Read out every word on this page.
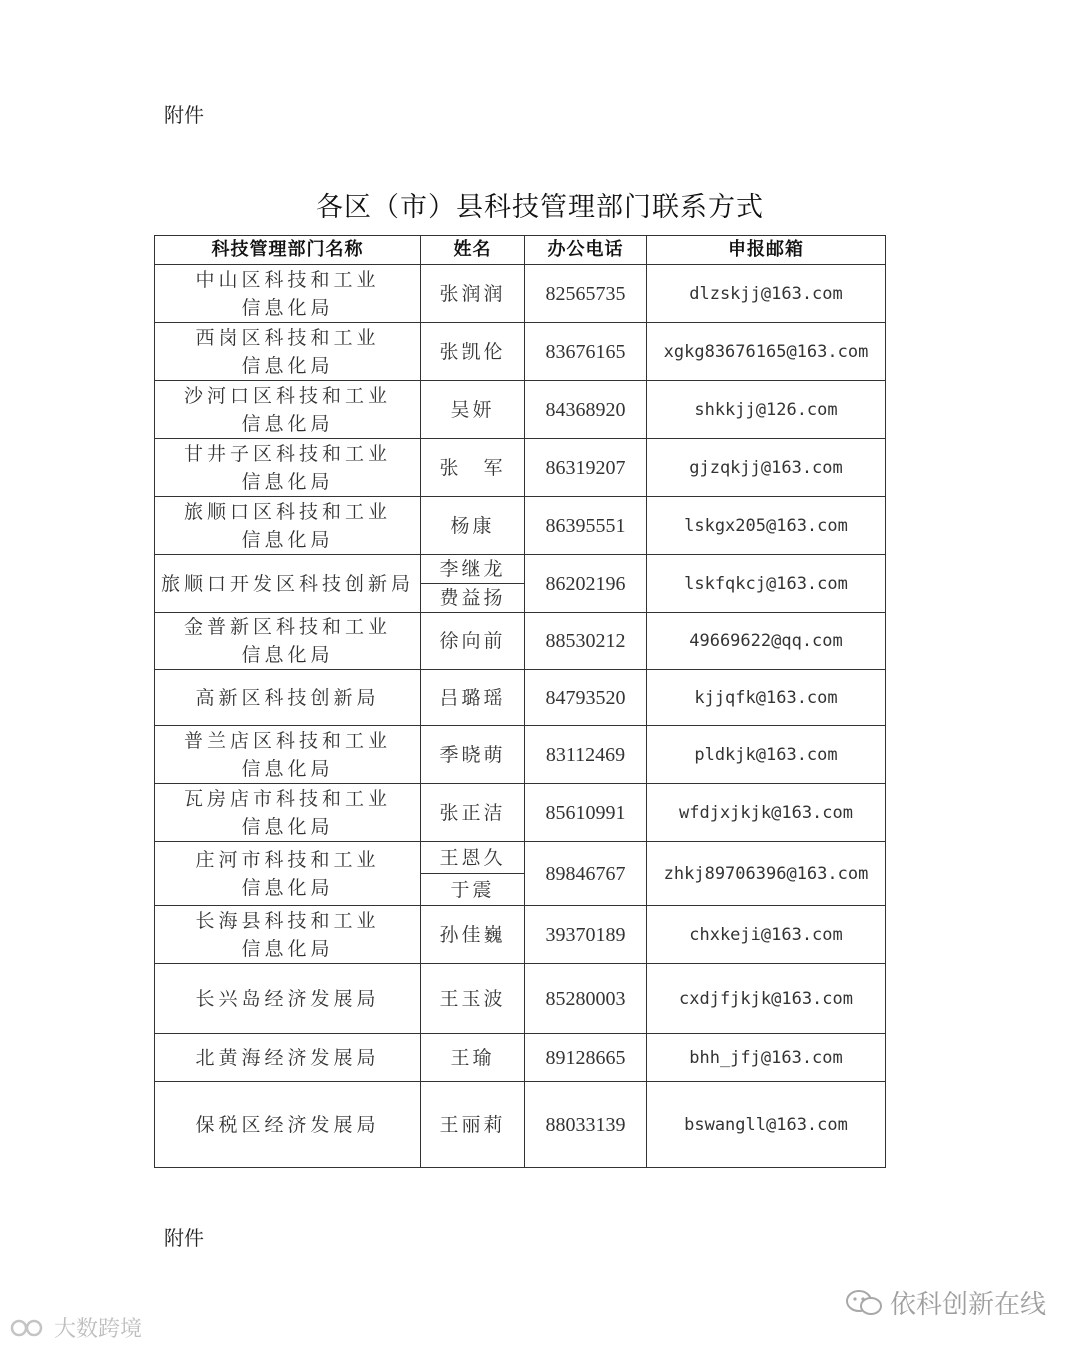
附件
各区（市）县科技管理部门联系方式
科技管理部门名称	姓名	办公电话	申报邮箱

中山区科技和工业
信息化局	张润润	82565735	dlzskjj@163.com

西岗区科技和工业
信息化局	张凯伦	83676165	xgkg83676165@163.com

沙河口区科技和工业
信息化局	吴妍	84368920	shkkjj@126.com

甘井子区科技和工业
信息化局	张　军	86319207	gjzqkjj@163.com

旅顺口区科技和工业
信息化局	杨康	86395551	lskgx205@163.com

旅顺口开发区科技创新局	李继龙	86202196	lskfqkcj@163.com
	费益扬		

金普新区科技和工业
信息化局	徐向前	88530212	49669622@qq.com

高新区科技创新局	吕璐瑶	84793520	kjjqfk@163.com

普兰店区科技和工业
信息化局	季晓萌	83112469	pldkjk@163.com

瓦房店市科技和工业
信息化局	张正洁	85610991	wfdjxjkjk@163.com

庄河市科技和工业
信息化局	王恩久	89846767	zhkj89706396@163.com
	于震		

长海县科技和工业
信息化局	孙佳巍	39370189	chxkeji@163.com

长兴岛经济发展局	王玉波	85280003	cxdjfjkjk@163.com

北黄海经济发展局	王瑜	89128665	bhh_jfj@163.com

保税区经济发展局	王丽莉	88033139	bswangll@163.com
附件
大数跨境
依科创新在线
